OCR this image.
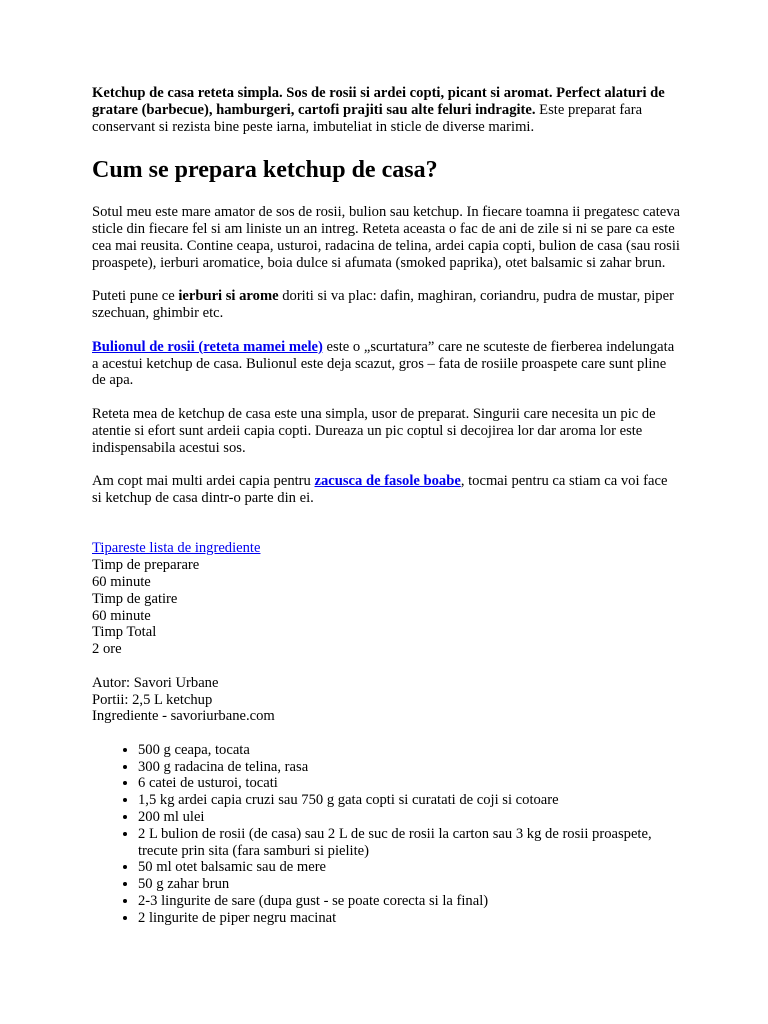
Ketchup de casa reteta simpla. Sos de rosii si ardei copti, picant si aromat. Perfect alaturi de gratare (barbecue), hamburgeri, cartofi prajiti sau alte feluri indragite. Este preparat fara conservant si rezista bine peste iarna, imbuteliat in sticle de diverse marimi.

Cum se prepara ketchup de casa?

Sotul meu este mare amator de sos de rosii, bulion sau ketchup. In fiecare toamna ii pregatesc cateva sticle din fiecare fel si am liniste un an intreg. Reteta aceasta o fac de ani de zile si ni se pare ca este cea mai reusita. Contine ceapa, usturoi, radacina de telina, ardei capia copti, bulion de casa (sau rosii proaspete), ierburi aromatice, boia dulce si afumata (smoked paprika), otet balsamic si zahar brun.

Puteti pune ce ierburi si arome doriti si va plac: dafin, maghiran, coriandru, pudra de mustar, piper szechuan, ghimbir etc.

Bulionul de rosii (reteta mamei mele) este o „scurtatura” care ne scuteste de fierberea indelungata a acestui ketchup de casa. Bulionul este deja scazut, gros – fata de rosiile proaspete care sunt pline de apa.

Reteta mea de ketchup de casa este una simpla, usor de preparat. Singurii care necesita un pic de atentie si efort sunt ardeii capia copti. Dureaza un pic coptul si decojirea lor dar aroma lor este indispensabila acestui sos.

Am copt mai multi ardei capia pentru zacusca de fasole boabe, tocmai pentru ca stiam ca voi face si ketchup de casa dintr-o parte din ei.

Tipareste lista de ingrediente
Timp de preparare
60 minute
Timp de gatire
60 minute
Timp Total
2 ore
Autor: Savori Urbane
Portii: 2,5 L ketchup
Ingrediente - savoriurbane.com
• 500 g ceapa, tocata
• 300 g radacina de telina, rasa
• 6 catei de usturoi, tocati
• 1,5 kg ardei capia cruzi sau 750 g gata copti si curatati de coji si cotoare
• 200 ml ulei
• 2 L bulion de rosii (de casa) sau 2 L de suc de rosii la carton sau 3 kg de rosii proaspete, trecute prin sita (fara samburi si pielite)
• 50 ml otet balsamic sau de mere
• 50 g zahar brun
• 2-3 lingurite de sare (dupa gust - se poate corecta si la final)
• 2 lingurite de piper negru macinat
